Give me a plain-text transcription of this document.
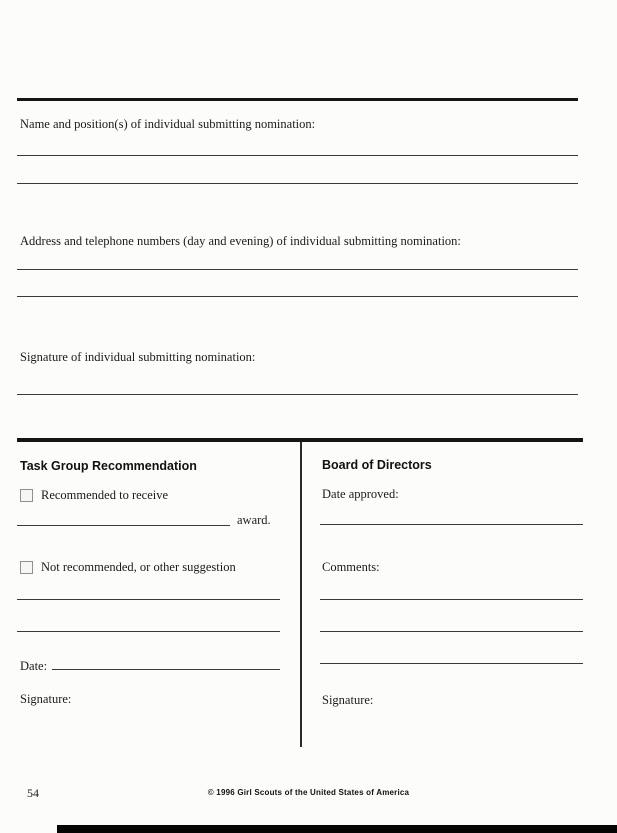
Name and position(s) of individual submitting nomination:
Address and telephone numbers (day and evening) of individual submitting nomination:
Signature of individual submitting nomination:
Task Group Recommendation
Recommended to receive
award.
Not recommended, or other suggestion
Date:
Signature:
Board of Directors
Date approved:
Comments:
Signature:
54	© 1996 Girl Scouts of the United States of America
